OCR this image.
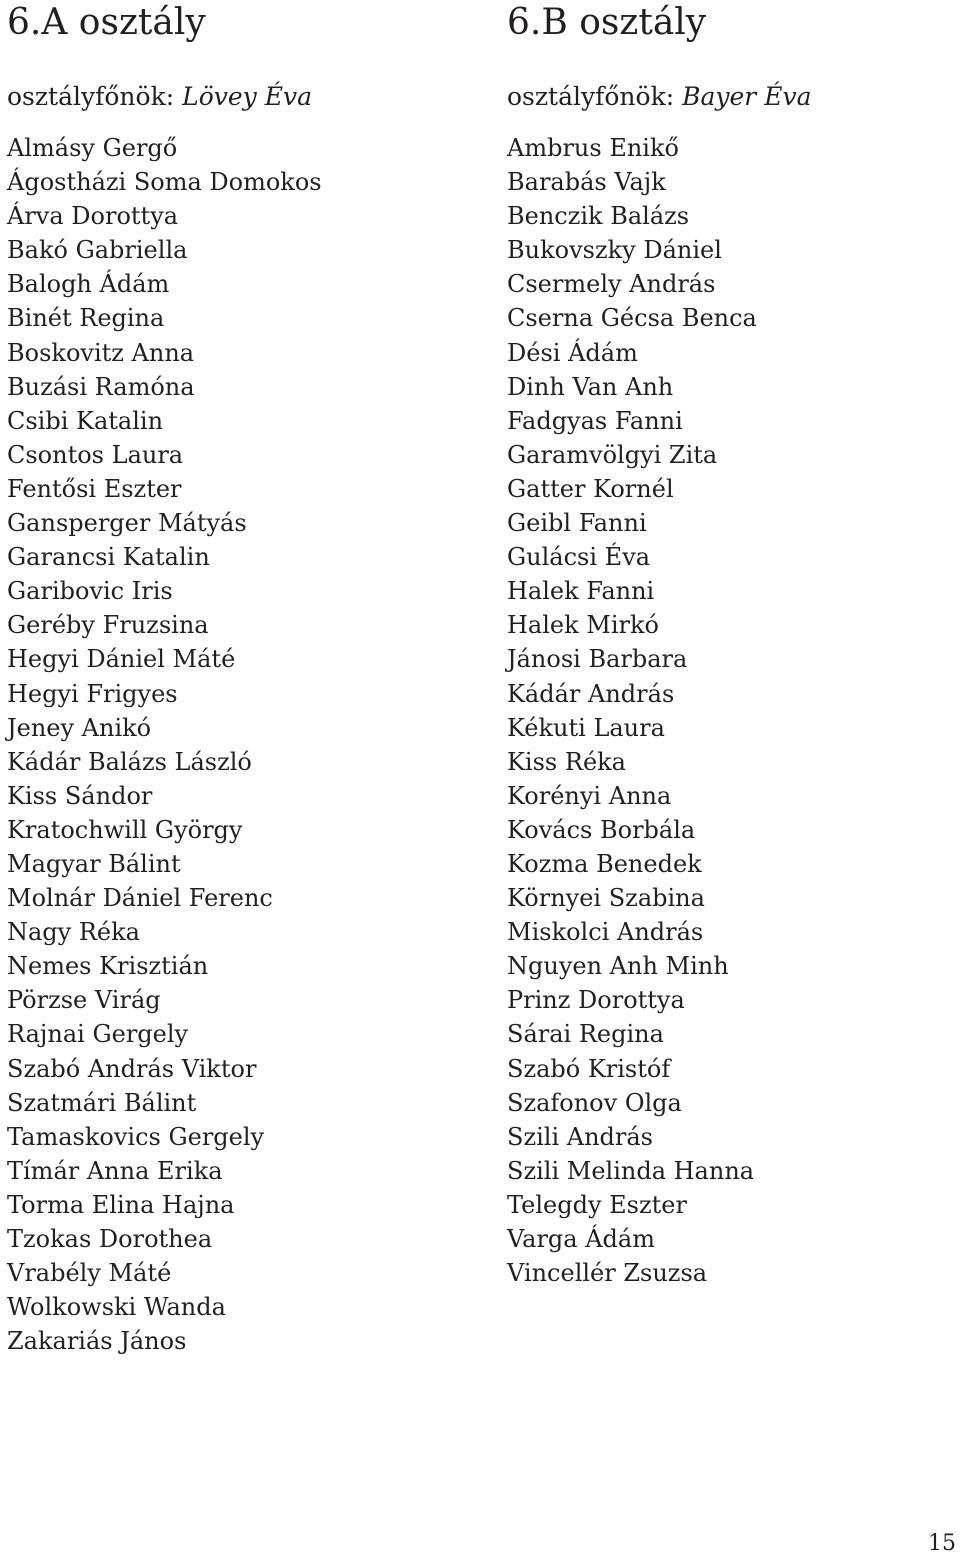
6.A osztály
osztályfőnök: Lövey Éva
Almásy Gergő
Ágostházi Soma Domokos
Árva Dorottya
Bakó Gabriella
Balogh Ádám
Binét Regina
Boskovitz Anna
Buzási Ramóna
Csibi Katalin
Csontos Laura
Fentősi Eszter
Gansperger Mátyás
Garancsi Katalin
Garibovic Iris
Geréby Fruzsina
Hegyi Dániel Máté
Hegyi Frigyes
Jeney Anikó
Kádár Balázs László
Kiss Sándor
Kratochwill György
Magyar Bálint
Molnár Dániel Ferenc
Nagy Réka
Nemes Krisztián
Pörzse Virág
Rajnai Gergely
Szabó András Viktor
Szatmári Bálint
Tamaskovics Gergely
Tímár Anna Erika
Torma Elina Hajna
Tzokas Dorothea
Vrabély Máté
Wolkowski Wanda
Zakariás János
6.B osztály
osztályfőnök: Bayer Éva
Ambrus Enikő
Barabás Vajk
Benczik Balázs
Bukovszky Dániel
Csermely András
Cserna Gécsa Benca
Dési Ádám
Dinh Van Anh
Fadgyas Fanni
Garamvölgyi Zita
Gatter Kornél
Geibl Fanni
Gulácsi Éva
Halek Fanni
Halek Mirkó
Jánosi Barbara
Kádár András
Kékuti Laura
Kiss Réka
Korényi Anna
Kovács Borbála
Kozma Benedek
Környei Szabina
Miskolci András
Nguyen Anh Minh
Prinz Dorottya
Sárai Regina
Szabó Kristóf
Szafonov Olga
Szili András
Szili Melinda Hanna
Telegdy Eszter
Varga Ádám
Vincellér Zsuzsa
15
